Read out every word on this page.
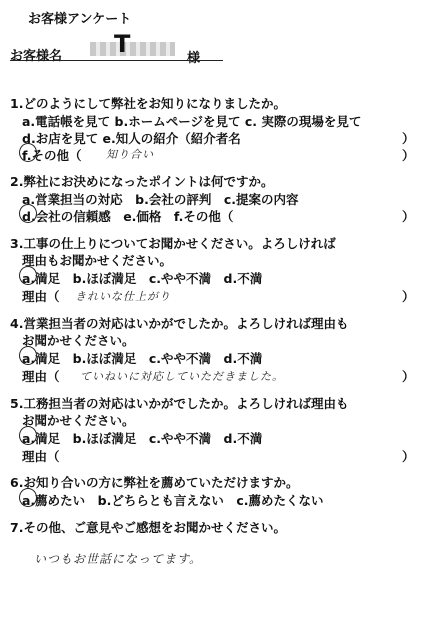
お客様アンケート
お客様名 T
様
1.どのようにして弊社をお知りになりましたか。
a.電話帳を見て b.ホームページを見て c. 実際の現場を見て
d.お店を見て e.知人の紹介（紹介者名	）
f.その他（ 知り合い	）
2.弊社にお決めになったポイントは何ですか。
a.営業担当の対応　b.会社の評判　c.提案の内容
d.会社の信頼感　e.価格　f.その他（	）
3.工事の仕上りについてお聞かせください。よろしければ
理由もお聞かせください。
a.満足　b.ほぼ満足　c.やや不満　d.不満
理由（ きれいな仕上がり	）
4.営業担当者の対応はいかがでしたか。よろしければ理由も
お聞かせください。
a.満足　b.ほぼ満足　c.やや不満　d.不満
理由（ ていねいに対応していただきました。	）
5.工務担当者の対応はいかがでしたか。よろしければ理由も
お聞かせください。
a.満足　b.ほぼ満足　c.やや不満　d.不満
理由（	）
6.お知り合いの方に弊社を薦めていただけますか。
a.薦めたい　b.どちらとも言えない　c.薦めたくない
7.その他、ご意見やご感想をお聞かせください。
いつもお世話になってます。
